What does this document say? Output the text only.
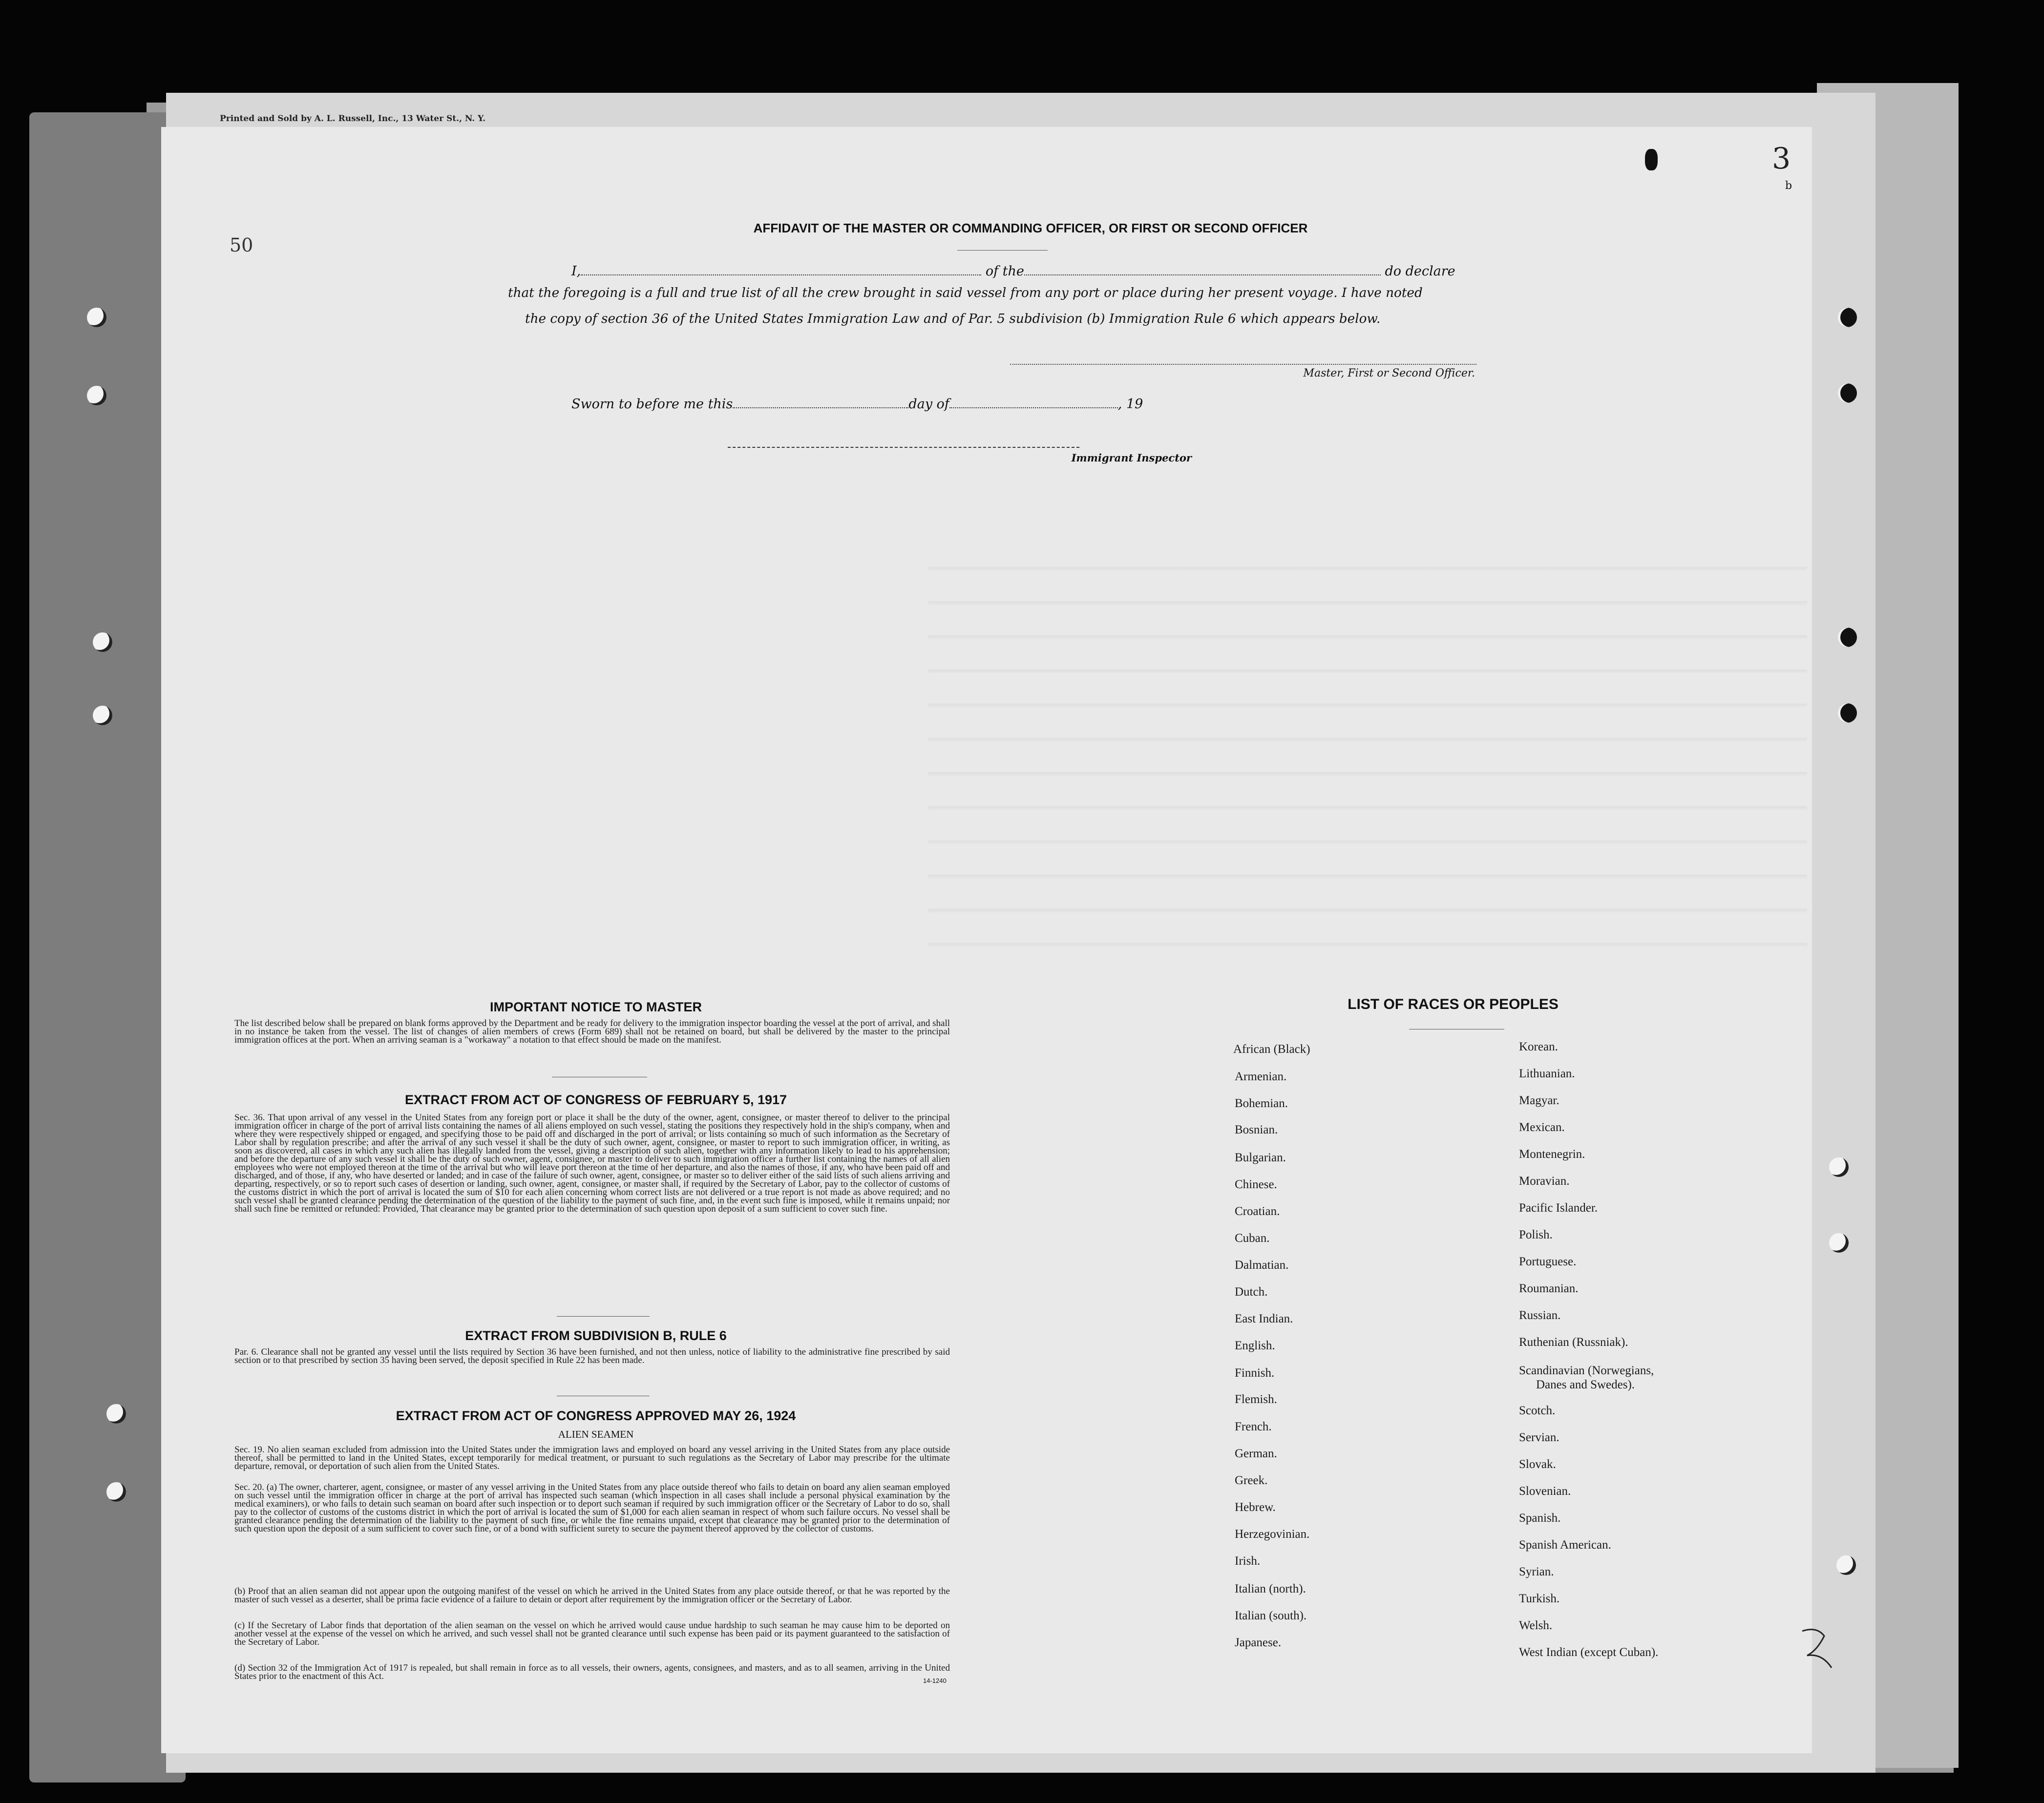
Printed and Sold by A. L. Russell, Inc., 13 Water St., N. Y.
50
3
b
AFFIDAVIT OF THE MASTER OR COMMANDING OFFICER, OR FIRST OR SECOND OFFICER
I,	of the	do declare
that the foregoing is a full and true list of all the crew brought in said vessel from any port or place during her present voyage. I have noted
the copy of section 36 of the United States Immigration Law and of Par. 5 subdivision (b) Immigration Rule 6 which appears below.
Master, First or Second Officer.
Sworn to before me this	day of	, 19
Immigrant Inspector
IMPORTANT NOTICE TO MASTER
The list described below shall be prepared on blank forms approved by the Department and be ready for delivery to the immigration inspector boarding the vessel at the port of arrival, and shall in no instance be taken from the vessel. The list of changes of alien members of crews (Form 689) shall not be retained on board, but shall be delivered by the master to the principal immigration offices at the port. When an arriving seaman is a "workaway" a notation to that effect should be made on the manifest.
EXTRACT FROM ACT OF CONGRESS OF FEBRUARY 5, 1917
Sec. 36. That upon arrival of any vessel in the United States from any foreign port or place it shall be the duty of the owner, agent, consignee, or master thereof to deliver to the principal immigration officer in charge of the port of arrival lists containing the names of all aliens employed on such vessel, stating the positions they respectively hold in the ship's company, when and where they were respectively shipped or engaged, and specifying those to be paid off and discharged in the port of arrival; or lists containing so much of such information as the Secretary of Labor shall by regulation prescribe; and after the arrival of any such vessel it shall be the duty of such owner, agent, consignee, or master to report to such immigration officer, in writing, as soon as discovered, all cases in which any such alien has illegally landed from the vessel, giving a description of such alien, together with any information likely to lead to his apprehension; and before the departure of any such vessel it shall be the duty of such owner, agent, consignee, or master to deliver to such immigration officer a further list containing the names of all alien employees who were not employed thereon at the time of the arrival but who will leave port thereon at the time of her departure, and also the names of those, if any, who have been paid off and discharged, and of those, if any, who have deserted or landed; and in case of the failure of such owner, agent, consignee, or master so to deliver either of the said lists of such aliens arriving and departing, respectively, or so to report such cases of desertion or landing, such owner, agent, consignee, or master shall, if required by the Secretary of Labor, pay to the collector of customs of the customs district in which the port of arrival is located the sum of $10 for each alien concerning whom correct lists are not delivered or a true report is not made as above required; and no such vessel shall be granted clearance pending the determination of the question of the liability to the payment of such fine, and, in the event such fine is imposed, while it remains unpaid; nor shall such fine be remitted or refunded: Provided, That clearance may be granted prior to the determination of such question upon deposit of a sum sufficient to cover such fine.
EXTRACT FROM SUBDIVISION B, RULE 6
Par. 6. Clearance shall not be granted any vessel until the lists required by Section 36 have been furnished, and not then unless, notice of liability to the administrative fine prescribed by said section or to that prescribed by section 35 having been served, the deposit specified in Rule 22 has been made.
EXTRACT FROM ACT OF CONGRESS APPROVED MAY 26, 1924
ALIEN SEAMEN
Sec. 19. No alien seaman excluded from admission into the United States under the immigration laws and employed on board any vessel arriving in the United States from any place outside thereof, shall be permitted to land in the United States, except temporarily for medical treatment, or pursuant to such regulations as the Secretary of Labor may prescribe for the ultimate departure, removal, or deportation of such alien from the United States.
Sec. 20. (a) The owner, charterer, agent, consignee, or master of any vessel arriving in the United States from any place outside thereof who fails to detain on board any alien seaman employed on such vessel until the immigration officer in charge at the port of arrival has inspected such seaman (which inspection in all cases shall include a personal physical examination by the medical examiners), or who fails to detain such seaman on board after such inspection or to deport such seaman if required by such immigration officer or the Secretary of Labor to do so, shall pay to the collector of customs of the customs district in which the port of arrival is located the sum of $1,000 for each alien seaman in respect of whom such failure occurs. No vessel shall be granted clearance pending the determination of the liability to the payment of such fine, or while the fine remains unpaid, except that clearance may be granted prior to the determination of such question upon the deposit of a sum sufficient to cover such fine, or of a bond with sufficient surety to secure the payment thereof approved by the collector of customs.
(b) Proof that an alien seaman did not appear upon the outgoing manifest of the vessel on which he arrived in the United States from any place outside thereof, or that he was reported by the master of such vessel as a deserter, shall be prima facie evidence of a failure to detain or deport after requirement by the immigration officer or the Secretary of Labor.
(c) If the Secretary of Labor finds that deportation of the alien seaman on the vessel on which he arrived would cause undue hardship to such seaman he may cause him to be deported on another vessel at the expense of the vessel on which he arrived, and such vessel shall not be granted clearance until such expense has been paid or its payment guaranteed to the satisfaction of the Secretary of Labor.
(d) Section 32 of the Immigration Act of 1917 is repealed, but shall remain in force as to all vessels, their owners, agents, consignees, and masters, and as to all seamen, arriving in the United States prior to the enactment of this Act.	14-1240
LIST OF RACES OR PEOPLES
African (Black)
Armenian.
Bohemian.
Bosnian.
Bulgarian.
Chinese.
Croatian.
Cuban.
Dalmatian.
Dutch.
East Indian.
English.
Finnish.
Flemish.
French.
German.
Greek.
Hebrew.
Herzegovinian.
Irish.
Italian (north).
Italian (south).
Japanese.
Korean.
Lithuanian.
Magyar.
Mexican.
Montenegrin.
Moravian.
Pacific Islander.
Polish.
Portuguese.
Roumanian.
Russian.
Ruthenian (Russniak).
Scandinavian (Norwegians,
Danes and Swedes).
Scotch.
Servian.
Slovak.
Slovenian.
Spanish.
Spanish American.
Syrian.
Turkish.
Welsh.
West Indian (except Cuban).
